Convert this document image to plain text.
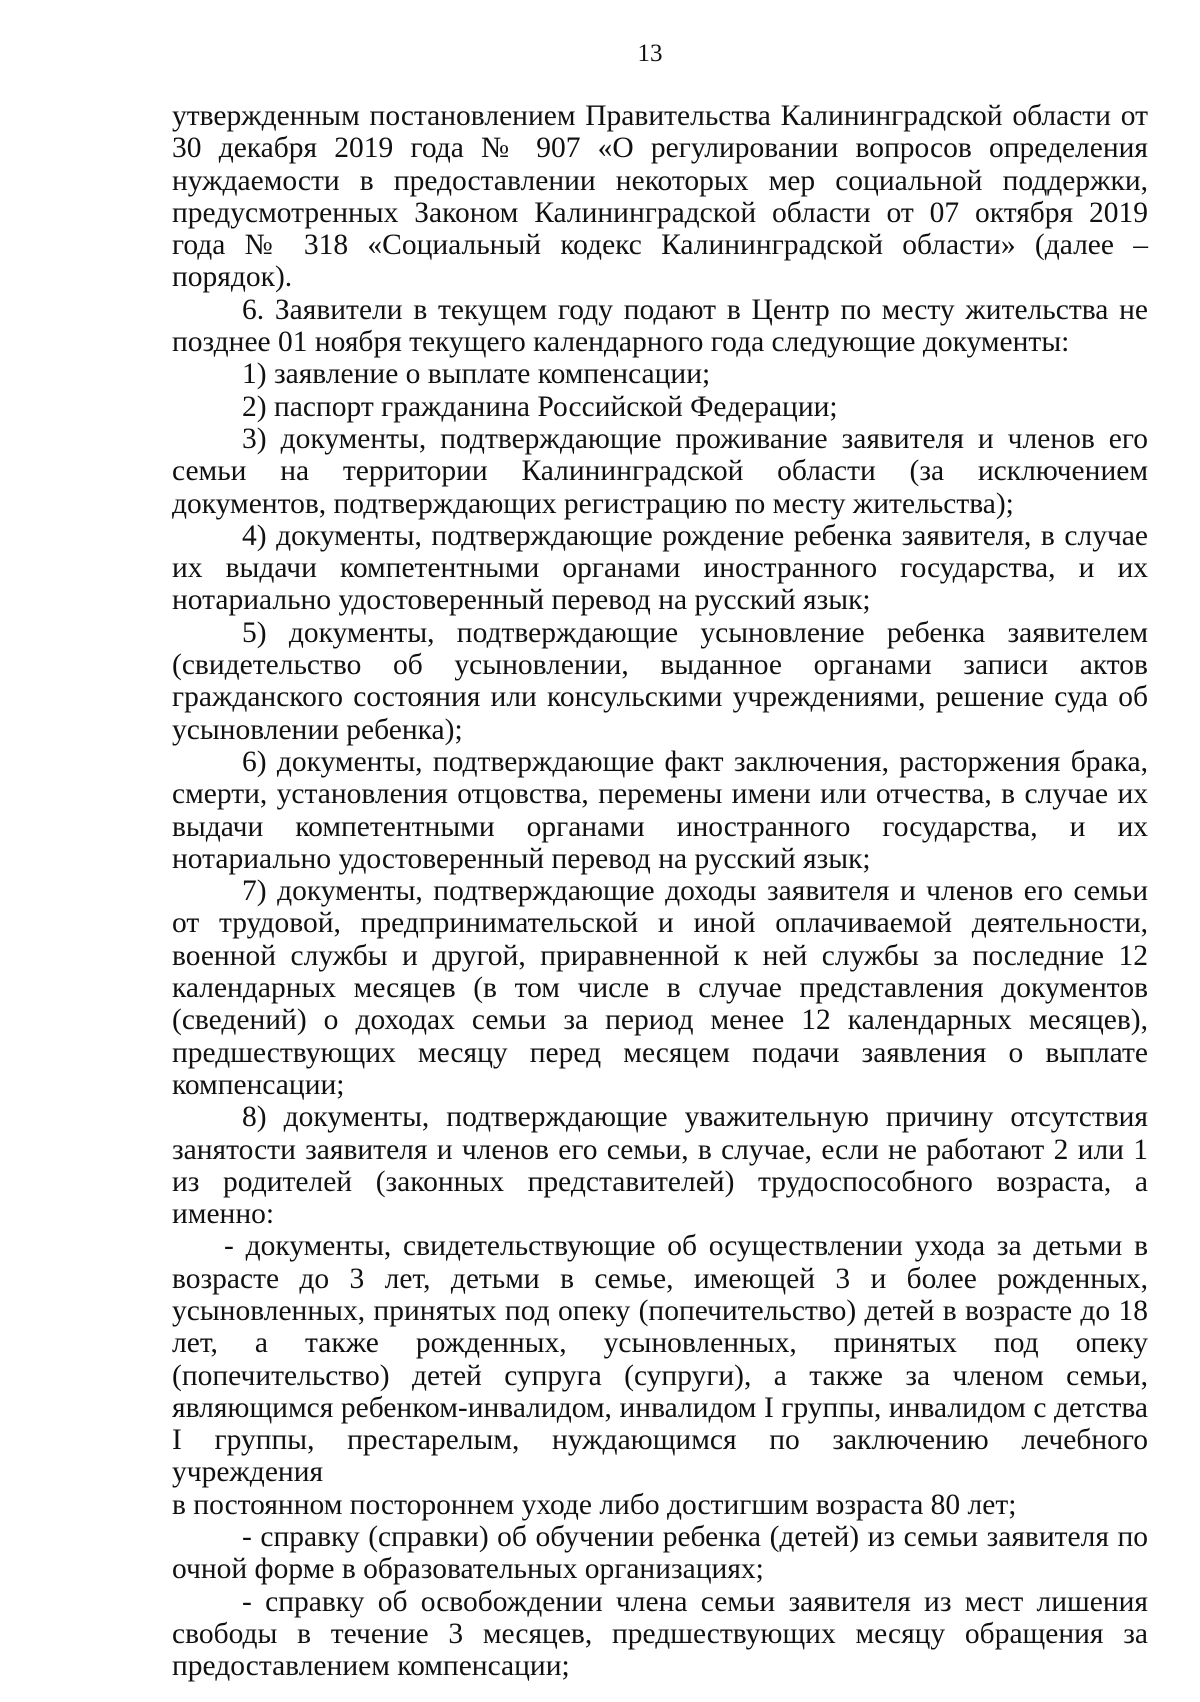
13

утвержденным постановлением Правительства Калининградской области от 30 декабря 2019 года № 907 «О регулировании вопросов определения нуждаемости в предоставлении некоторых мер социальной поддержки, предусмотренных Законом Калининградской области от 07 октября 2019 года № 318 «Социальный кодекс Калининградской области» (далее – порядок).

6. Заявители в текущем году подают в Центр по месту жительства не позднее 01 ноября текущего календарного года следующие документы:

1) заявление о выплате компенсации;

2) паспорт гражданина Российской Федерации;

3) документы, подтверждающие проживание заявителя и членов его семьи на территории Калининградской области (за исключением документов, подтверждающих регистрацию по месту жительства);

4) документы, подтверждающие рождение ребенка заявителя, в случае их выдачи компетентными органами иностранного государства, и их нотариально удостоверенный перевод на русский язык;

5) документы, подтверждающие усыновление ребенка заявителем (свидетельство об усыновлении, выданное органами записи актов гражданского состояния или консульскими учреждениями, решение суда об усыновлении ребенка);

6) документы, подтверждающие факт заключения, расторжения брака, смерти, установления отцовства, перемены имени или отчества, в случае их выдачи компетентными органами иностранного государства, и их нотариально удостоверенный перевод на русский язык;

7) документы, подтверждающие доходы заявителя и членов его семьи от трудовой, предпринимательской и иной оплачиваемой деятельности, военной службы и другой, приравненной к ней службы за последние 12 календарных месяцев (в том числе в случае представления документов (сведений) о доходах семьи за период менее 12 календарных месяцев), предшествующих месяцу перед месяцем подачи заявления о выплате компенсации;

8) документы, подтверждающие уважительную причину отсутствия занятости заявителя и членов его семьи, в случае, если не работают 2 или 1 из родителей (законных представителей) трудоспособного возраста, а именно:

- документы, свидетельствующие об осуществлении ухода за детьми в возрасте до 3 лет, детьми в семье, имеющей 3 и более рожденных, усыновленных, принятых под опеку (попечительство) детей в возрасте до 18 лет, а также рожденных, усыновленных, принятых под опеку (попечительство) детей супруга (супруги), а также за членом семьи, являющимся ребенком-инвалидом, инвалидом I группы, инвалидом с детства I группы, престарелым, нуждающимся по заключению лечебного учреждения

в постоянном постороннем уходе либо достигшим возраста 80 лет;

- справку (справки) об обучении ребенка (детей) из семьи заявителя по очной форме в образовательных организациях;

- справку об освобождении члена семьи заявителя из мест лишения свободы в течение 3 месяцев, предшествующих месяцу обращения за предоставлением компенсации;
